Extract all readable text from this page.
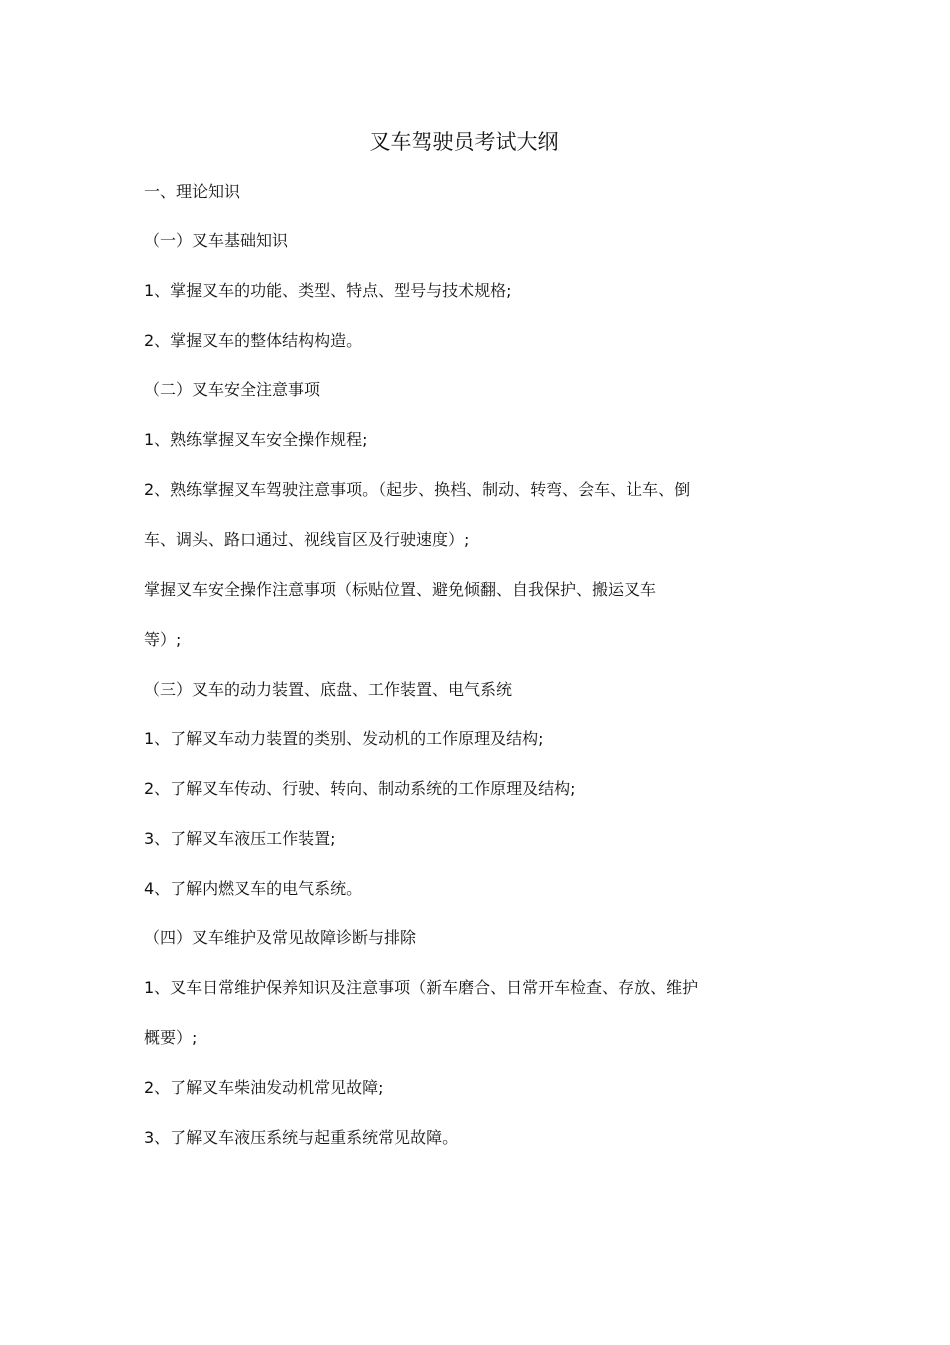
叉车驾驶员考试大纲

一、理论知识

（一）叉车基础知识

1、掌握叉车的功能、类型、特点、型号与技术规格;

2、掌握叉车的整体结构构造。

（二）叉车安全注意事项

1、熟练掌握叉车安全操作规程;

2、熟练掌握叉车驾驶注意事项。（起步、换档、制动、转弯、会车、让车、倒

车、调头、路口通过、视线盲区及行驶速度）;

掌握叉车安全操作注意事项（标贴位置、避免倾翻、自我保护、搬运叉车

等）;

（三）叉车的动力装置、底盘、工作装置、电气系统

1、了解叉车动力装置的类别、发动机的工作原理及结构;

2、了解叉车传动、行驶、转向、制动系统的工作原理及结构;

3、了解叉车液压工作装置;

4、了解内燃叉车的电气系统。

（四）叉车维护及常见故障诊断与排除

1、叉车日常维护保养知识及注意事项（新车磨合、日常开车检查、存放、维护

概要）;

2、了解叉车柴油发动机常见故障;

3、了解叉车液压系统与起重系统常见故障。
